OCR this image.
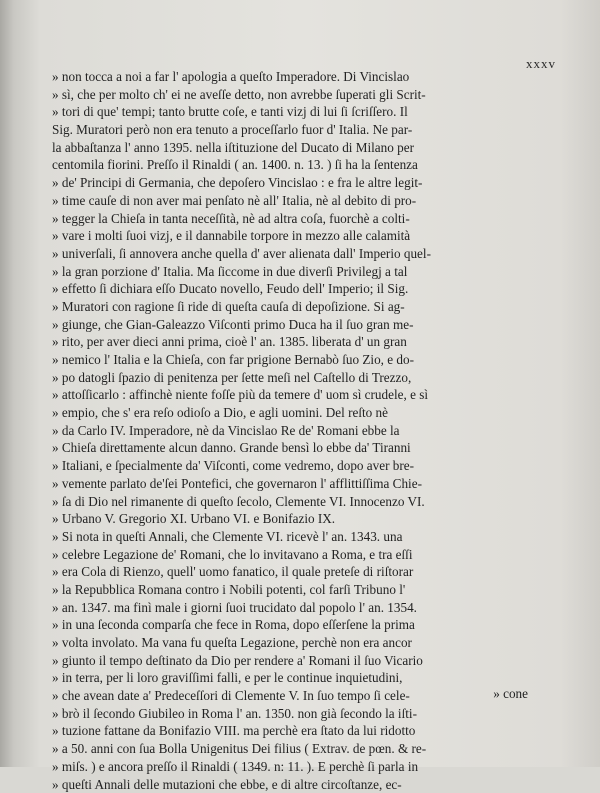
xxxv
» non tocca a noi a far l' apologia a queſto Imperadore. Di Vincislao
» sì, che per molto ch' ei ne aveſſe detto, non avrebbe ſuperati gli Scrit-
» tori di que' tempi; tanto brutte coſe, e tanti vizj di lui ſi ſcriſſero. Il
Sig. Muratori però non era tenuto a proceſſarlo fuor d' Italia. Ne par-
la abbaſtanza l' anno 1395. nella iſtituzione del Ducato di Milano per
centomila fiorini. Preſſo il Rinaldi ( an. 1400. n. 13. ) ſi ha la ſentenza
» de' Principi di Germania, che depoſero Vincislao : e fra le altre legit-
» time cauſe di non aver mai penſato nè all' Italia, nè al debito di pro-
» tegger la Chieſa in tanta neceſſità, nè ad altra coſa, fuorchè a colti-
» vare i molti ſuoi vizj, e il dannabile torpore in mezzo alle calamità
» univerſali, ſi annovera anche quella d' aver alienata dall' Imperio quel-
» la gran porzione d' Italia. Ma ſiccome in due diverſi Privilegj a tal
» effetto ſi dichiara eſſo Ducato novello, Feudo dell' Imperio; il Sig.
» Muratori con ragione ſi ride di queſta cauſa di depoſizione. Si ag-
» giunge, che Gian-Galeazzo Viſconti primo Duca ha il ſuo gran me-
» rito, per aver dieci anni prima, cioè l' an. 1385. liberata d' un gran
» nemico l' Italia e la Chieſa, con far prigione Bernabò ſuo Zio, e do-
» po datogli ſpazio di penitenza per ſette meſi nel Caſtello di Trezzo,
» attoſſicarlo : affinchè niente foſſe più da temere d' uom sì crudele, e sì
» empio, che s' era reſo odioſo a Dio, e agli uomini. Del reſto nè
» da Carlo IV. Imperadore, nè da Vincislao Re de' Romani ebbe la
» Chieſa direttamente alcun danno. Grande bensì lo ebbe da' Tiranni
» Italiani, e ſpecialmente da' Viſconti, come vedremo, dopo aver bre-
» vemente parlato de'ſei Pontefici, che governaron l' afflittiſſima Chie-
» ſa di Dio nel rimanente di queſto ſecolo, Clemente VI. Innocenzo VI.
» Urbano V. Gregorio XI. Urbano VI. e Bonifazio IX.
» Si nota in queſti Annali, che Clemente VI. ricevè l' an. 1343. una
» celebre Legazione de' Romani, che lo invitavano a Roma, e tra eſſi
» era Cola di Rienzo, quell' uomo fanatico, il quale preteſe di riſtorar
» la Repubblica Romana contro i Nobili potenti, col farſi Tribuno l'
» an. 1347. ma finì male i giorni ſuoi trucidato dal popolo l' an. 1354.
» in una ſeconda comparſa che fece in Roma, dopo eſſerſene la prima
» volta involato. Ma vana fu queſta Legazione, perchè non era ancor
» giunto il tempo deſtinato da Dio per rendere a' Romani il ſuo Vicario
» in terra, per li loro graviſſimi falli, e per le continue inquietudini,
» che avean date a' Predeceſſori di Clemente V. In ſuo tempo ſi cele-
» brò il ſecondo Giubileo in Roma l' an. 1350. non già ſecondo la iſti-
» tuzione fattane da Bonifazio VIII. ma perchè era ſtato da lui ridotto
» a 50. anni con ſua Bolla Unigenitus Dei filius ( Extrav. de pœn. & re-
» miſs. ) e ancora preſſo il Rinaldi ( 1349. n: 11. ). E perchè ſi parla in
» queſti Annali delle mutazioni che ebbe, e di altre circoſtanze, ec-
» cone
